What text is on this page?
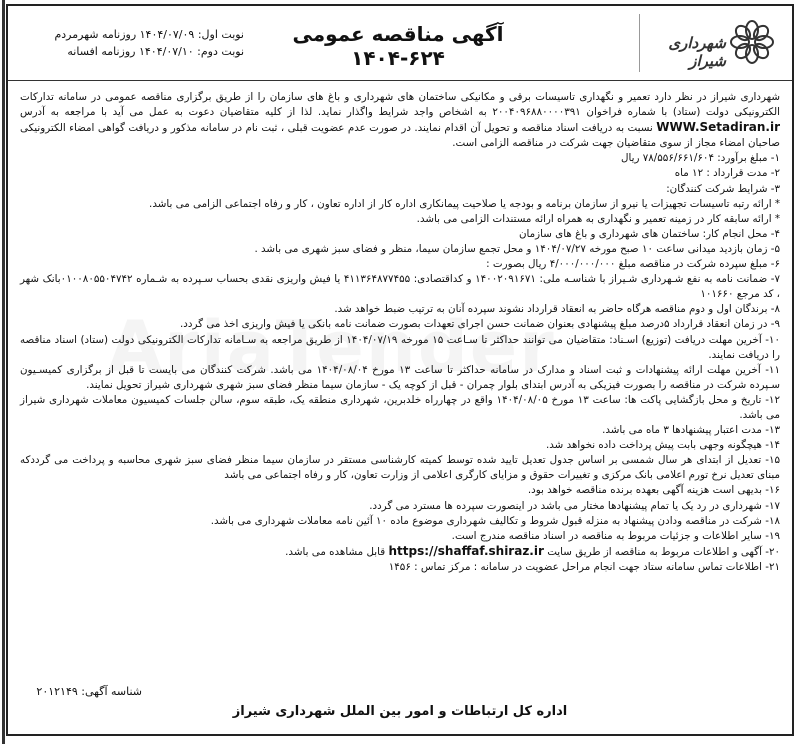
شهرداری شیراز
آگهی مناقصه عمومی ۶۲۴-۱۴۰۴
نوبت اول: ۱۴۰۴/۰۷/۰۹ روزنامه شهرمردم
نوبت دوم: ۱۴۰۴/۰۷/۱۰ روزنامه افسانه

شهرداری شیراز در نظر دارد تعمیر و نگهداری تاسیسات برقی و مکانیکی ساختمان های شهرداری و باغ های سازمان را از طریق برگزاری مناقصه عمومی در سامانه تدارکات الکترونیکی دولت (ستاد) با شماره فراخوان ۲۰۰۴۰۹۶۸۸۰۰۰۰۳۹۱ به اشخاص واجد شرایط واگذار نماید. لذا از کلیه متقاضیان دعوت به عمل می آید با مراجعه به آدرس WWW.Setadiran.ir نسبت به دریافت اسناد مناقصه و تحویل آن اقدام نمایند. در صورت عدم عضویت قبلی ، ثبت نام در سامانه مذکور و دریافت گواهی امضاء الکترونیکی صاحبان امضاء مجاز از سوی متقاضیان جهت شرکت در مناقصه الزامی است.

۱- مبلغ برآورد: ۷۸/۵۵۶/۶۶۱/۶۰۴ ریال

۲- مدت قرارداد : ۱۲ ماه

۳- شرایط شرکت کنندگان:

* ارائه رتبه تاسیسات تجهیزات یا نیرو از سازمان برنامه و بودجه یا صلاحیت پیمانکاری اداره کار از اداره تعاون ، کار و رفاه اجتماعی الزامی می باشد.

* ارائه سابقه کار در زمینه تعمیر و نگهداری به همراه ارائه مستندات الزامی می باشد.

۴- محل انجام کار: ساختمان های شهرداری و باغ های سازمان

۵- زمان بازدید میدانی ساعت ۱۰ صبح مورخه ۱۴۰۴/۰۷/۲۷ و محل تجمع سازمان سیما، منظر و فضای سبز شهری می باشد .

۶- مبلغ سپرده شرکت در مناقصه مبلغ ۴/۰۰۰/۰۰۰/۰۰۰ ریال بصورت :

۷- ضمانت نامه به نفع شـهرداری شـیراز با شناسـه ملی: ۱۴۰۰۲۰۹۱۶۷۱ و کداقتصادی: ۴۱۱۳۶۴۸۷۷۴۵۵ یا فیش واریزی نقدی بحساب سـپرده به شـماره ۰۱۰۰۸۰۵۵۰۴۷۴۲بانک شهر ، کد مرجع ۱۰۱۶۶۰

۸- برندگان اول و دوم مناقصه هرگاه حاضر به انعقاد قرارداد نشوند سپرده آنان به ترتیب ضبط خواهد شد.

۹- در زمان انعقاد قرارداد ۵درصد مبلغ پیشنهادی بعنوان ضمانت حسن اجرای تعهدات بصورت ضمانت نامه بانکی یا فیش واریزی اخذ می گردد.

۱۰- آخرین مهلت دریافت (توزیع) اسـناد: متقاضیان می توانند حداکثر تا سـاعت ۱۵ مورخه ۱۴۰۴/۰۷/۱۹ از طریق مراجعه به سـامانه تدارکات الکترونیکی دولت (ستاد) اسناد مناقصه را دریافت نمایند.

۱۱- آخرین مهلت ارائه پیشنهادات و ثبت اسناد و مدارک در سامانه حداکثر تا ساعت ۱۳ مورخ ۱۴۰۴/۰۸/۰۴ می باشد. شرکت کنندگان می بایست تا قبل از برگزاری کمیسـیون سـپرده شرکت در مناقصه را بصورت فیزیکی به آدرس ابتدای بلوار چمران - قبل از کوچه یک - سازمان سیما منظر فضای سبز شهری شهرداری شیراز تحویل نمایند.

۱۲- تاریخ و محل بازگشایی پاکت ها: ساعت ۱۳ مورخ ۱۴۰۴/۰۸/۰۵ واقع در چهارراه خلدبرین، شهرداری منطقه یک، طبقه سوم، سالن جلسات کمیسیون معاملات شهرداری شیراز می باشد.

۱۳- مدت اعتبار پیشنهادها ۳ ماه می باشد.

۱۴- هیچگونه وجهی بابت پیش پرداخت داده نخواهد شد.

۱۵- تعدیل از ابتدای هر سال شمسی بر اساس جدول تعدیل تایید شده توسط کمیته کارشناسی مستقر در سازمان سیما منظر فضای سبز شهری محاسبه و پرداخت می گرددکه مبنای تعدیل نرخ تورم اعلامی بانک مرکزی و تغییرات حقوق و مزایای کارگری اعلامی از وزارت تعاون، کار و رفاه اجتماعی می باشد

۱۶- بدیهی است هزینه آگهی بعهده برنده مناقصه خواهد بود.

۱۷- شهرداری در رد یک یا تمام پیشنهادها مختار می باشد در اینصورت سپرده ها مسترد می گردد.

۱۸- شرکت در مناقصه ودادن پیشنهاد به منزله قبول شروط و تکالیف شهرداری موضوع ماده ۱۰ آئین نامه معاملات شهرداری می باشد.

۱۹- سایر اطلاعات و جزئیات مربوط به مناقصه در اسناد مناقصه مندرج است.

۲۰- آگهی و اطلاعات مربوط به مناقصه از طریق سایت https://shaffaf.shiraz.ir قابل مشاهده می باشد.

۲۱- اطلاعات تماس سامانه ستاد جهت انجام مراحل عضویت در سامانه : مرکز تماس : ۱۴۵۶

شناسه آگهی: ۲۰۱۲۱۴۹
اداره کل ارتباطات و امور بین الملل شهرداری شیراز
